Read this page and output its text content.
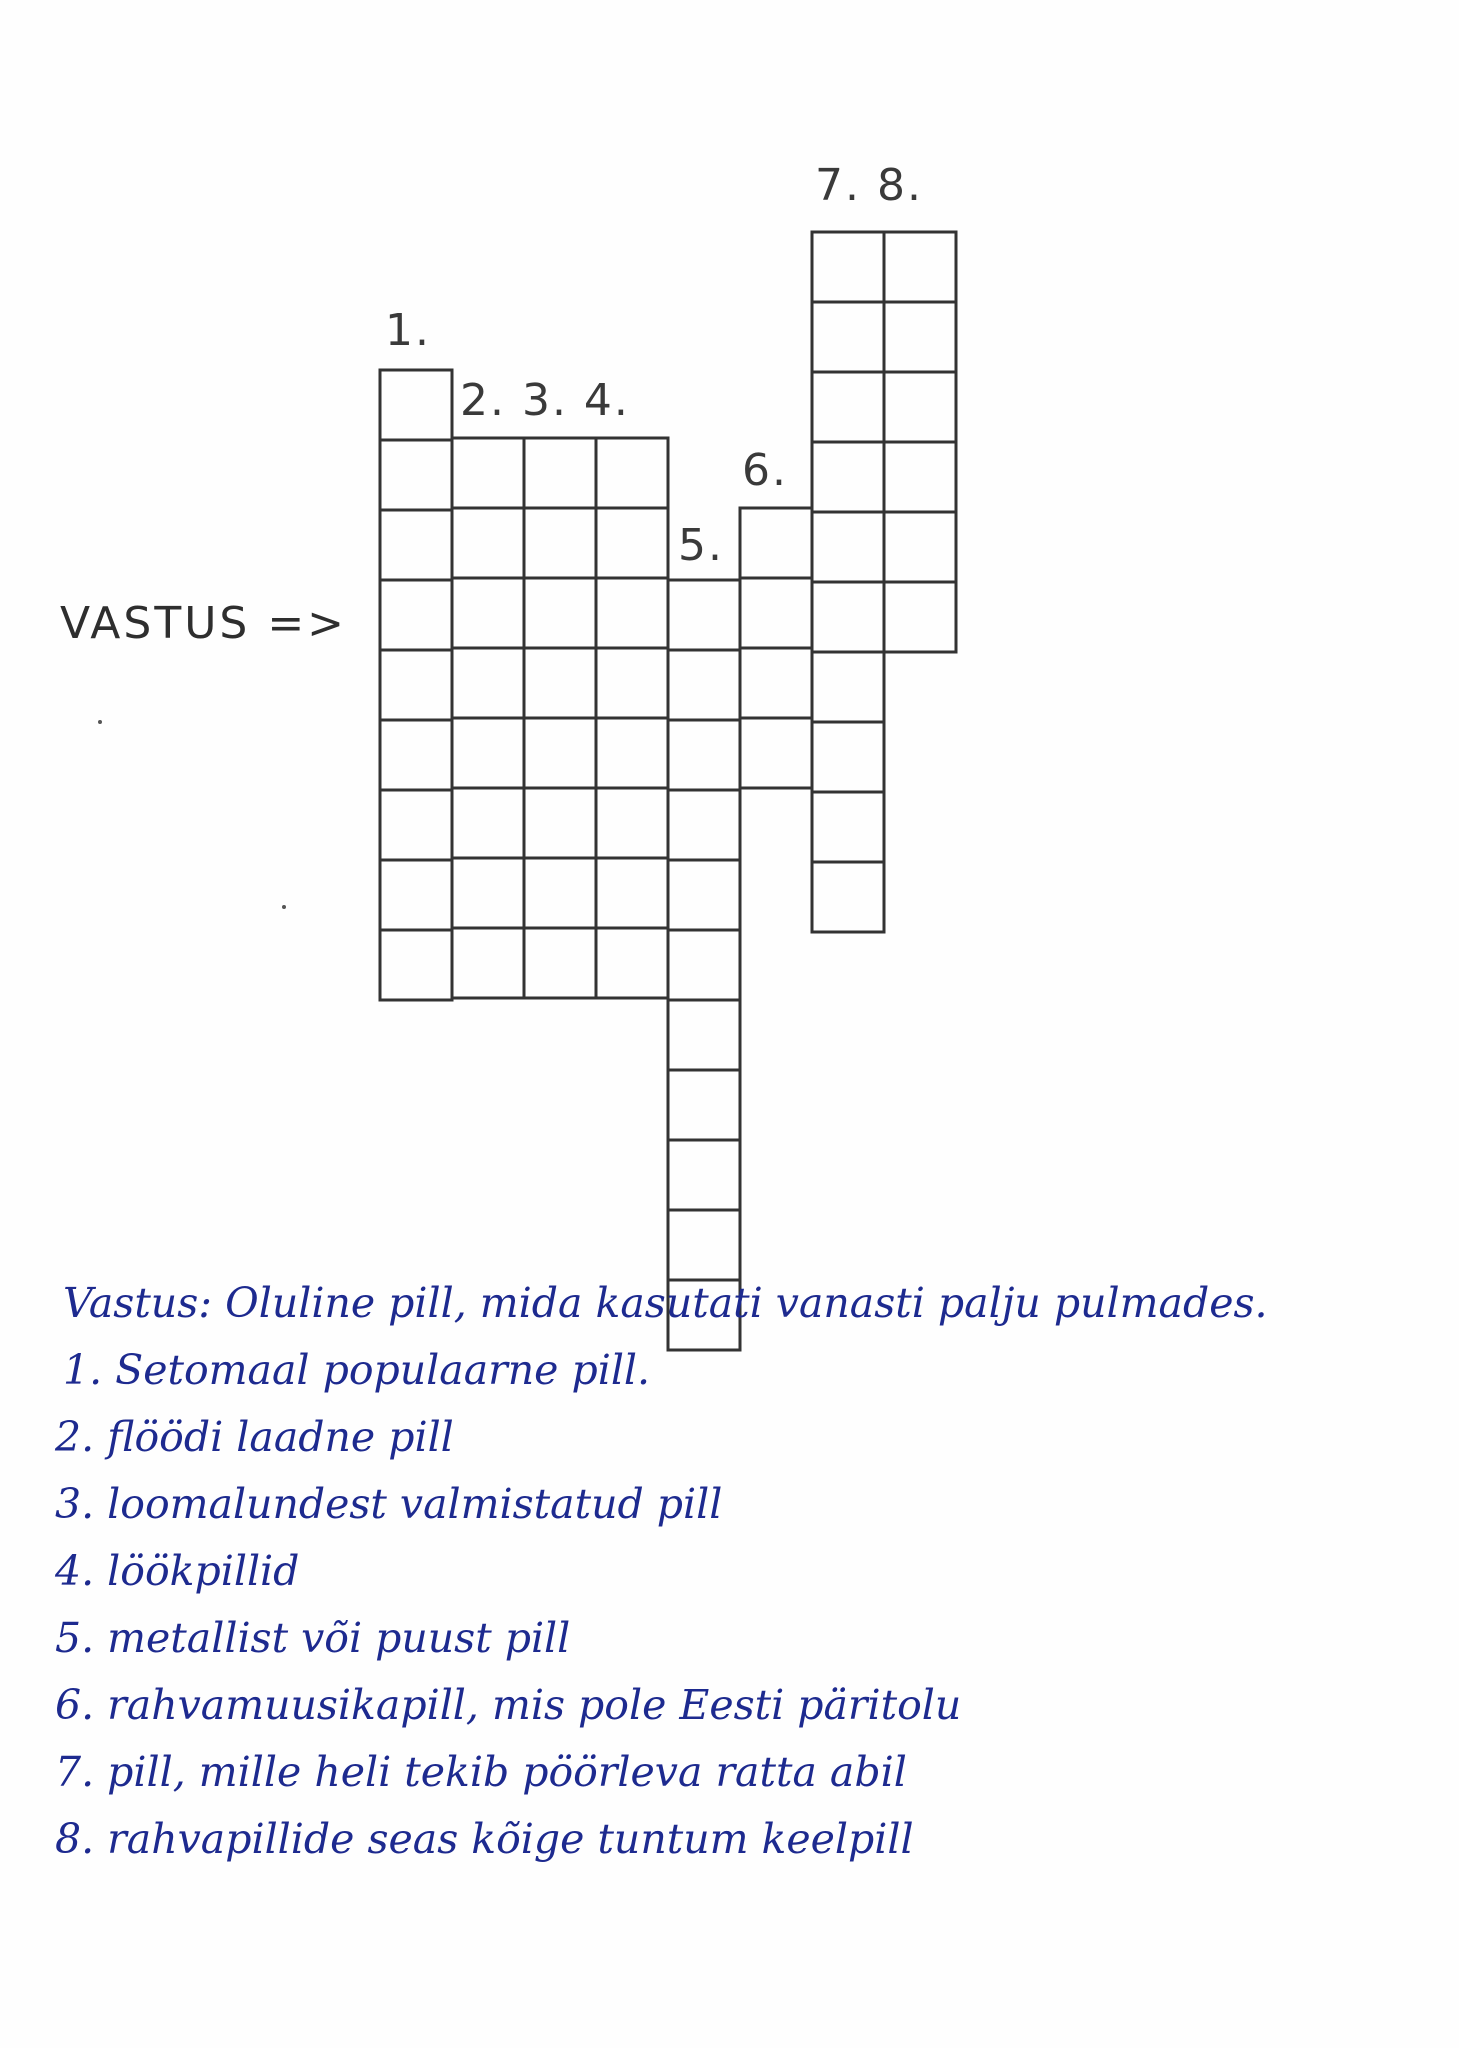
1.
2. 3. 4.
5.
6.
7. 8.
VASTUS =>
Vastus: Oluline pill, mida kasutati vanasti palju pulmades.
1. Setomaal populaarne pill.
2. flöödi laadne pill
3. loomalundest valmistatud pill
4. löökpillid
5. metallist või puust pill
6. rahvamuusikapill, mis pole Eesti päritolu
7. pill, mille heli tekib pöörleva ratta abil
8. rahvapillide seas kõige tuntum keelpill
